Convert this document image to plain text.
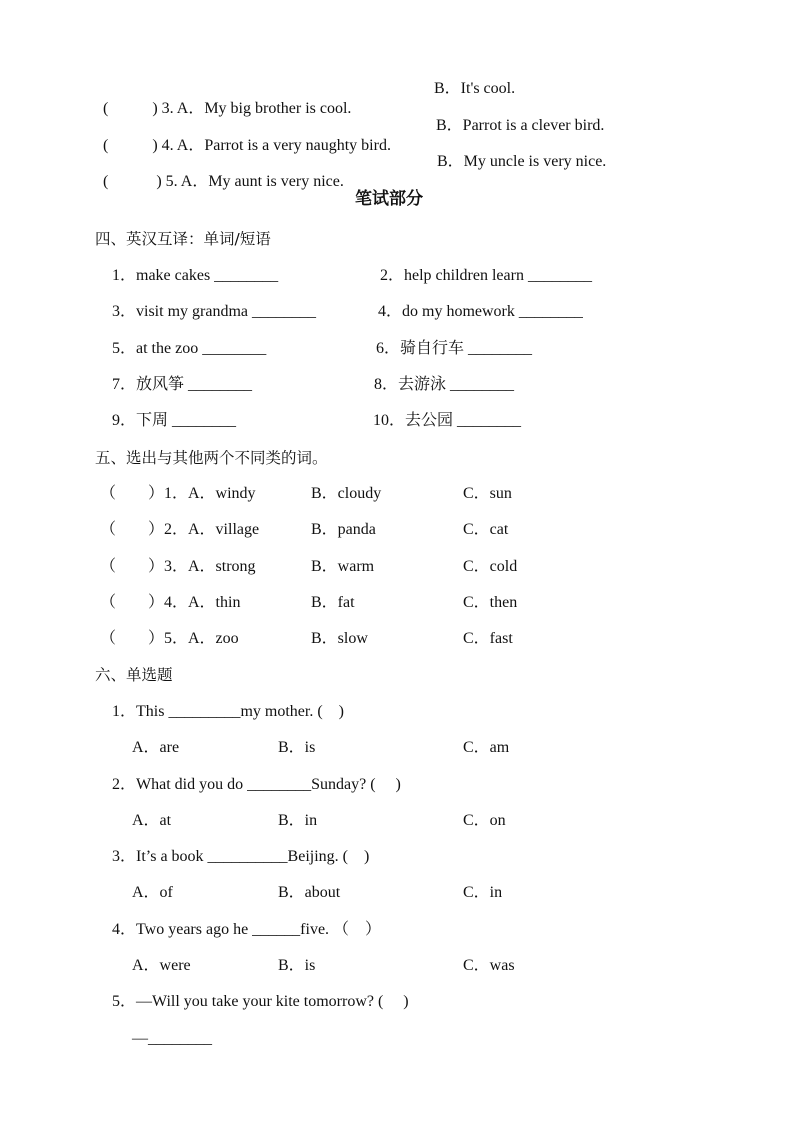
(	) 3. A．My big brother is cool.

B．It's cool.

(	) 4. A．Parrot is a very naughty bird.

B．Parrot is a clever bird.

(	) 5. A．My aunt is very nice.

B．My uncle is very nice.
笔试部分
四、英汉互译：单词/短语
1．make cakes ________	2．help children learn ________
3．visit my grandma ________	4．do my homework ________
5．at the zoo ________	6．骑自行车 ________
7．放风筝 ________	8．去游泳 ________
9．下周 ________	10．去公园 ________
五、选出与其他两个不同类的词。
（　　）1．A．windy	B．cloudy	C．sun
（　　）2．A．village	B．panda	C．cat
（　　）3．A．strong	B．warm	C．cold
（　　）4．A．thin	B．fat	C．then
（　　）5．A．zoo	B．slow	C．fast
六、单选题
1．This _________my mother. (　)
A．are	B．is	C．am
2．What did you do ________Sunday? (　 )
A．at	B．in	C．on
3．It’s a book __________Beijing. (　)
A．of	B．about	C．in
4．Two years ago he ______five. （　）
A．were	B．is	C．was
5．—Will you take your kite tomorrow? (　 )
—________
